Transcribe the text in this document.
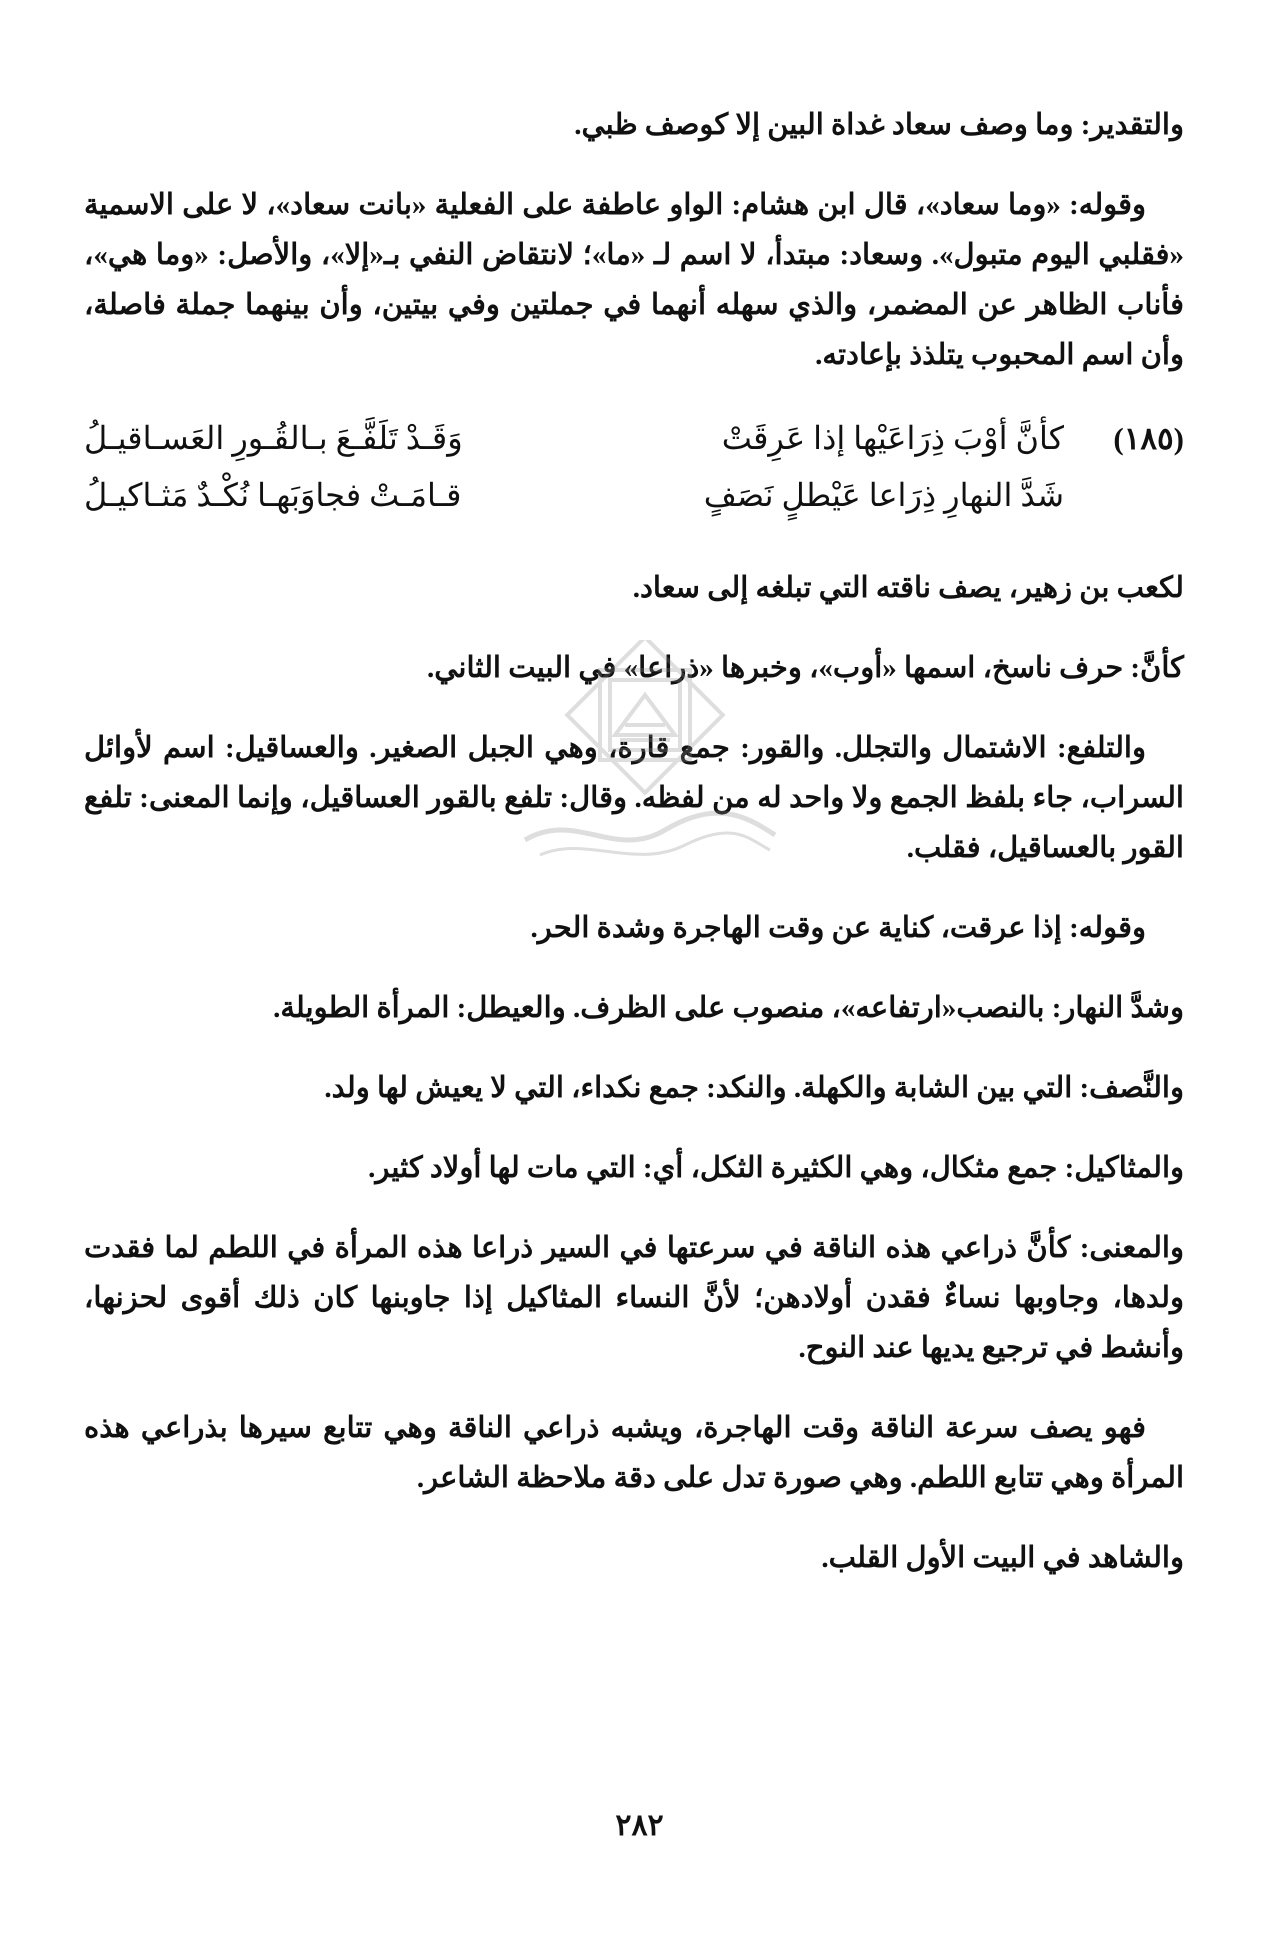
والتقدير: وما وصف سعاد غداة البين إلا كوصف ظبي.

وقوله: «وما سعاد»، قال ابن هشام: الواو عاطفة على الفعلية «بانت سعاد»، لا على الاسمية «فقلبي اليوم متبول». وسعاد: مبتدأ، لا اسم لـ «ما»؛ لانتقاض النفي بـ«إلا»، والأصل: «وما هي»، فأناب الظاهر عن المضمر، والذي سهله أنهما في جملتين وفي بيتين، وأن بينهما جملة فاصلة، وأن اسم المحبوب يتلذذ بإعادته.

(١٨٥)
كأنَّ أوْبَ ذِرَاعَيْها إذا عَرِقَتْ
وَقَـدْ تَلَفَّـعَ بـالقُـورِ العَسـاقيـلُ
شَدَّ النهارِ ذِرَاعا عَيْطلٍ نَصَفٍ
قـامَـتْ فجاوَبَهـا نُكْـدٌ مَثـاكيـلُ

لكعب بن زهير، يصف ناقته التي تبلغه إلى سعاد.

كأنَّ: حرف ناسخ، اسمها «أوب»، وخبرها «ذراعا» في البيت الثاني.

والتلفع: الاشتمال والتجلل. والقور: جمع قارة، وهي الجبل الصغير. والعساقيل: اسم لأوائل السراب، جاء بلفظ الجمع ولا واحد له من لفظه. وقال: تلفع بالقور العساقيل، وإنما المعنى: تلفع القور بالعساقيل، فقلب.

وقوله: إذا عرقت، كناية عن وقت الهاجرة وشدة الحر.

وشدَّ النهار: بالنصب«ارتفاعه»، منصوب على الظرف. والعيطل: المرأة الطويلة.

والنَّصف: التي بين الشابة والكهلة. والنكد: جمع نكداء، التي لا يعيش لها ولد.

والمثاكيل: جمع مثكال، وهي الكثيرة الثكل، أي: التي مات لها أولاد كثير.

والمعنى: كأنَّ ذراعي هذه الناقة في سرعتها في السير ذراعا هذه المرأة في اللطم لما فقدت ولدها، وجاوبها نساءٌ فقدن أولادهن؛ لأنَّ النساء المثاكيل إذا جاوبنها كان ذلك أقوى لحزنها، وأنشط في ترجيع يديها عند النوح.

فهو يصف سرعة الناقة وقت الهاجرة، ويشبه ذراعي الناقة وهي تتابع سيرها بذراعي هذه المرأة وهي تتابع اللطم. وهي صورة تدل على دقة ملاحظة الشاعر.

والشاهد في البيت الأول القلب.

٢٨٢
